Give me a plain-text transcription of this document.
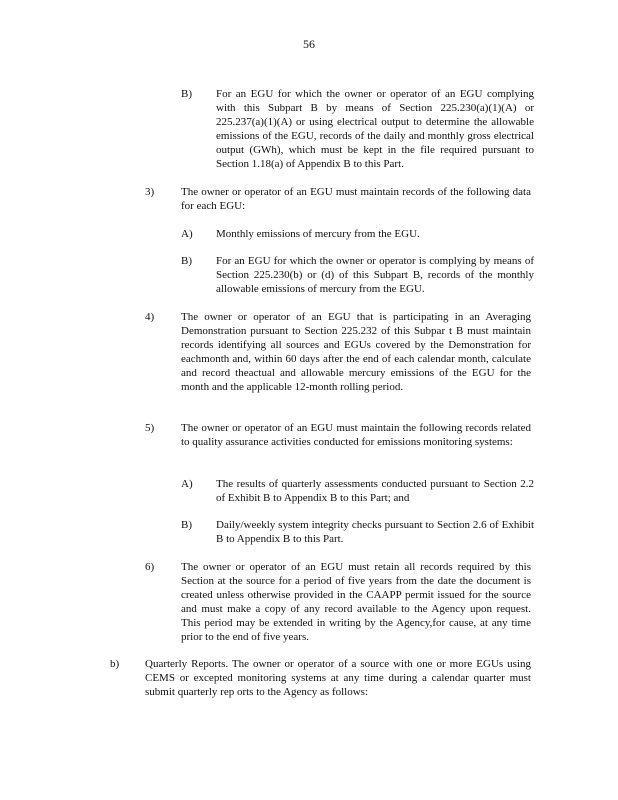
56
B) For an EGU for which the owner or operator of an EGU complying with this Subpart B by means of Section 225.230(a)(1)(A) or 225.237(a)(1)(A) or using electrical output to determine the allowable emissions of the EGU, records of the daily and monthly gross electrical output (GWh), which must be kept in the file required pursuant to Section 1.18(a) of Appendix B to this Part.
3) The owner or operator of an EGU must maintain records of the following data for each EGU:
A) Monthly emissions of mercury from the EGU.
B) For an EGU for which the owner or operator is complying by means of Section 225.230(b) or (d) of this Subpart B, records of the monthly allowable emissions of mercury from the EGU.
4) The owner or operator of an EGU that is participating in an Averaging Demonstration pursuant to Section 225.232 of this Subpar t B must maintain records identifying all sources and EGUs covered by the Demonstration for eachmonth and, within 60 days after the end of each calendar month, calculate and record theactual and allowable mercury emissions of the EGU for the month and the applicable 12-month rolling period.
5) The owner or operator of an EGU must maintain the following records related to quality assurance activities conducted for emissions monitoring systems:
A) The results of quarterly assessments conducted pursuant to Section 2.2 of Exhibit B to Appendix B to this Part; and
B) Daily/weekly system integrity checks pursuant to Section 2.6 of Exhibit B to Appendix B to this Part.
6) The owner or operator of an EGU must retain all records required by this Section at the source for a period of five years from the date the document is created unless otherwise provided in the CAAPP permit issued for the source and must make a copy of any record available to the Agency upon request. This period may be extended in writing by the Agency,for cause, at any time prior to the end of five years.
b) Quarterly Reports. The owner or operator of a source with one or more EGUs using CEMS or excepted monitoring systems at any time during a calendar quarter must submit quarterly rep orts to the Agency as follows:
